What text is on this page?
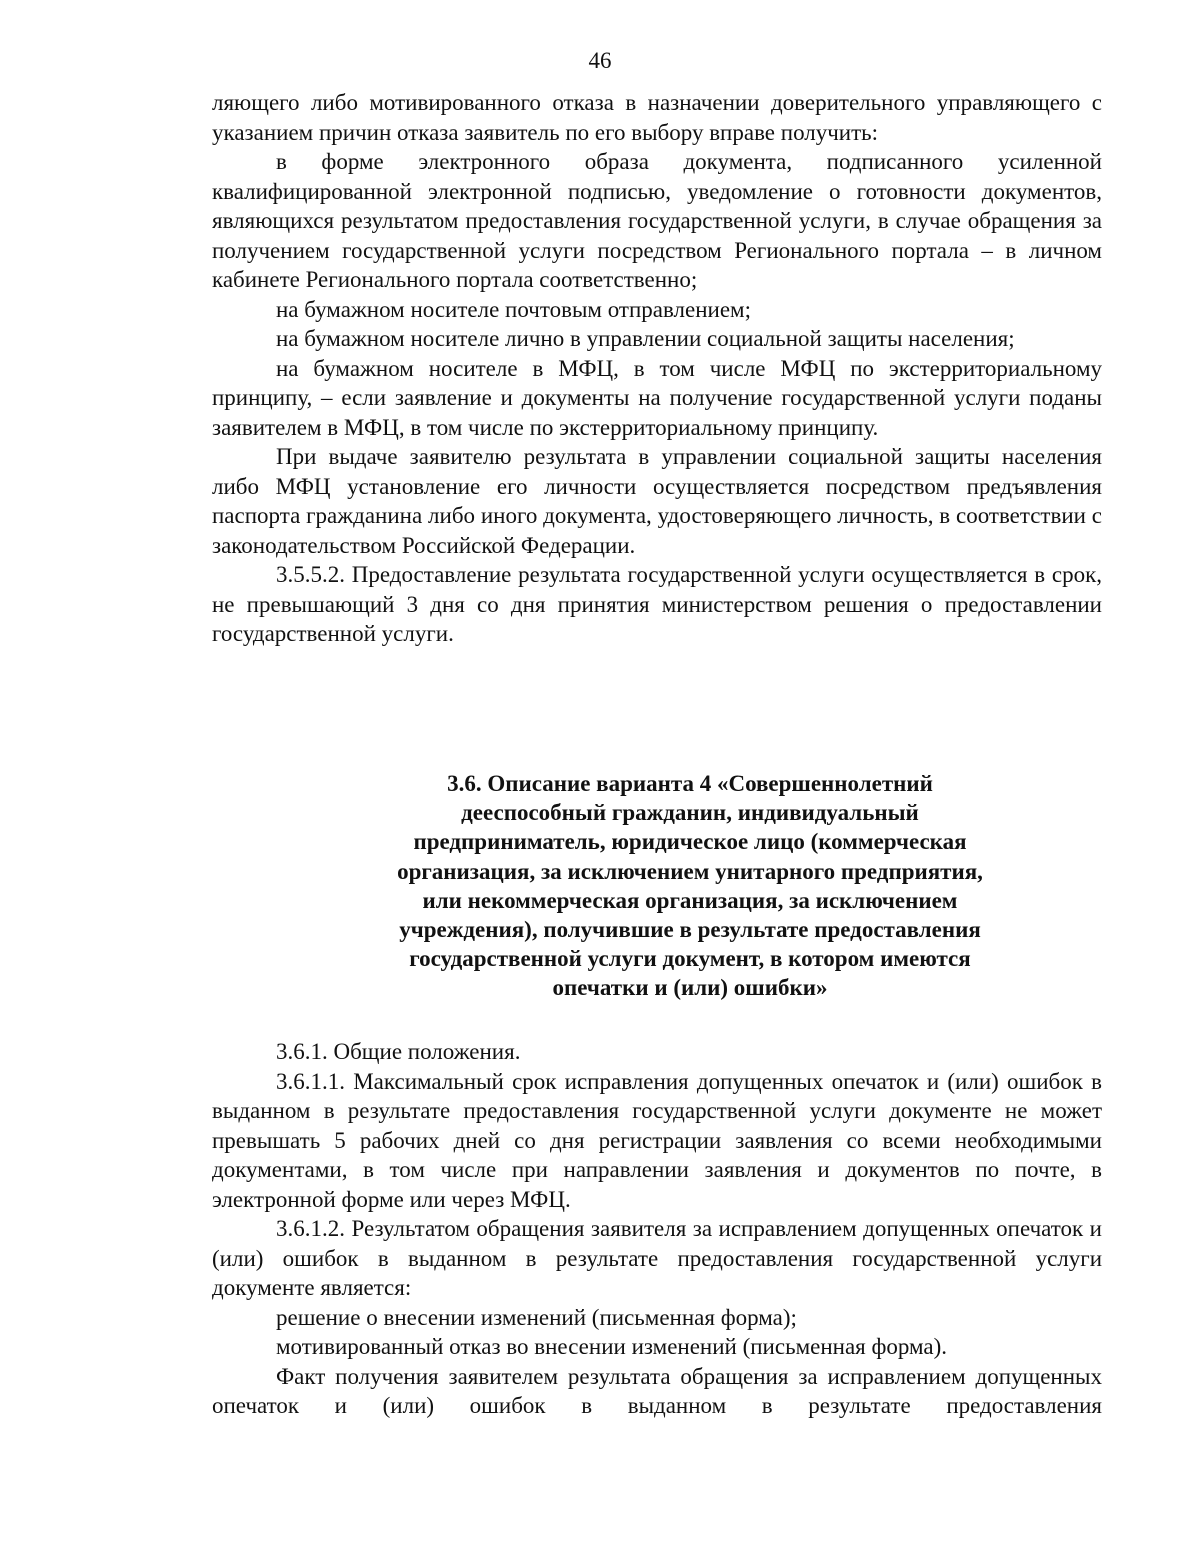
46

ляющего либо мотивированного отказа в назначении доверительного управляющего с указанием причин отказа заявитель по его выбору вправе получить:

в форме электронного образа документа, подписанного усиленной квалифицированной электронной подписью, уведомление о готовности документов, являющихся результатом предоставления государственной услуги, в случае обращения за получением государственной услуги посредством Регионального портала – в личном кабинете Регионального портала соответственно;

на бумажном носителе почтовым отправлением;

на бумажном носителе лично в управлении социальной защиты населения;

на бумажном носителе в МФЦ, в том числе МФЦ по экстерриториальному принципу, – если заявление и документы на получение государственной услуги поданы заявителем в МФЦ, в том числе по экстерриториальному принципу.

При выдаче заявителю результата в управлении социальной защиты населения либо МФЦ установление его личности осуществляется посредством предъявления паспорта гражданина либо иного документа, удостоверяющего личность, в соответствии с законодательством Российской Федерации.

3.5.5.2. Предоставление результата государственной услуги осуществляется в срок, не превышающий 3 дня со дня принятия министерством решения о предоставлении государственной услуги.

3.6. Описание варианта 4 «Совершеннолетний
дееспособный гражданин, индивидуальный
предприниматель, юридическое лицо (коммерческая
организация, за исключением унитарного предприятия,
или некоммерческая организация, за исключением
учреждения), получившие в результате предоставления
государственной услуги документ, в котором имеются
опечатки и (или) ошибки»

3.6.1. Общие положения.

3.6.1.1. Максимальный срок исправления допущенных опечаток и (или) ошибок в выданном в результате предоставления государственной услуги документе не может превышать 5 рабочих дней со дня регистрации заявления со всеми необходимыми документами, в том числе при направлении заявления и документов по почте, в электронной форме или через МФЦ.

3.6.1.2. Результатом обращения заявителя за исправлением допущенных опечаток и (или) ошибок в выданном в результате предоставления государственной услуги документе является:

решение о внесении изменений (письменная форма);

мотивированный отказ во внесении изменений (письменная форма).

Факт получения заявителем результата обращения за исправлением допущенных опечаток и (или) ошибок в выданном в результате предоставления
